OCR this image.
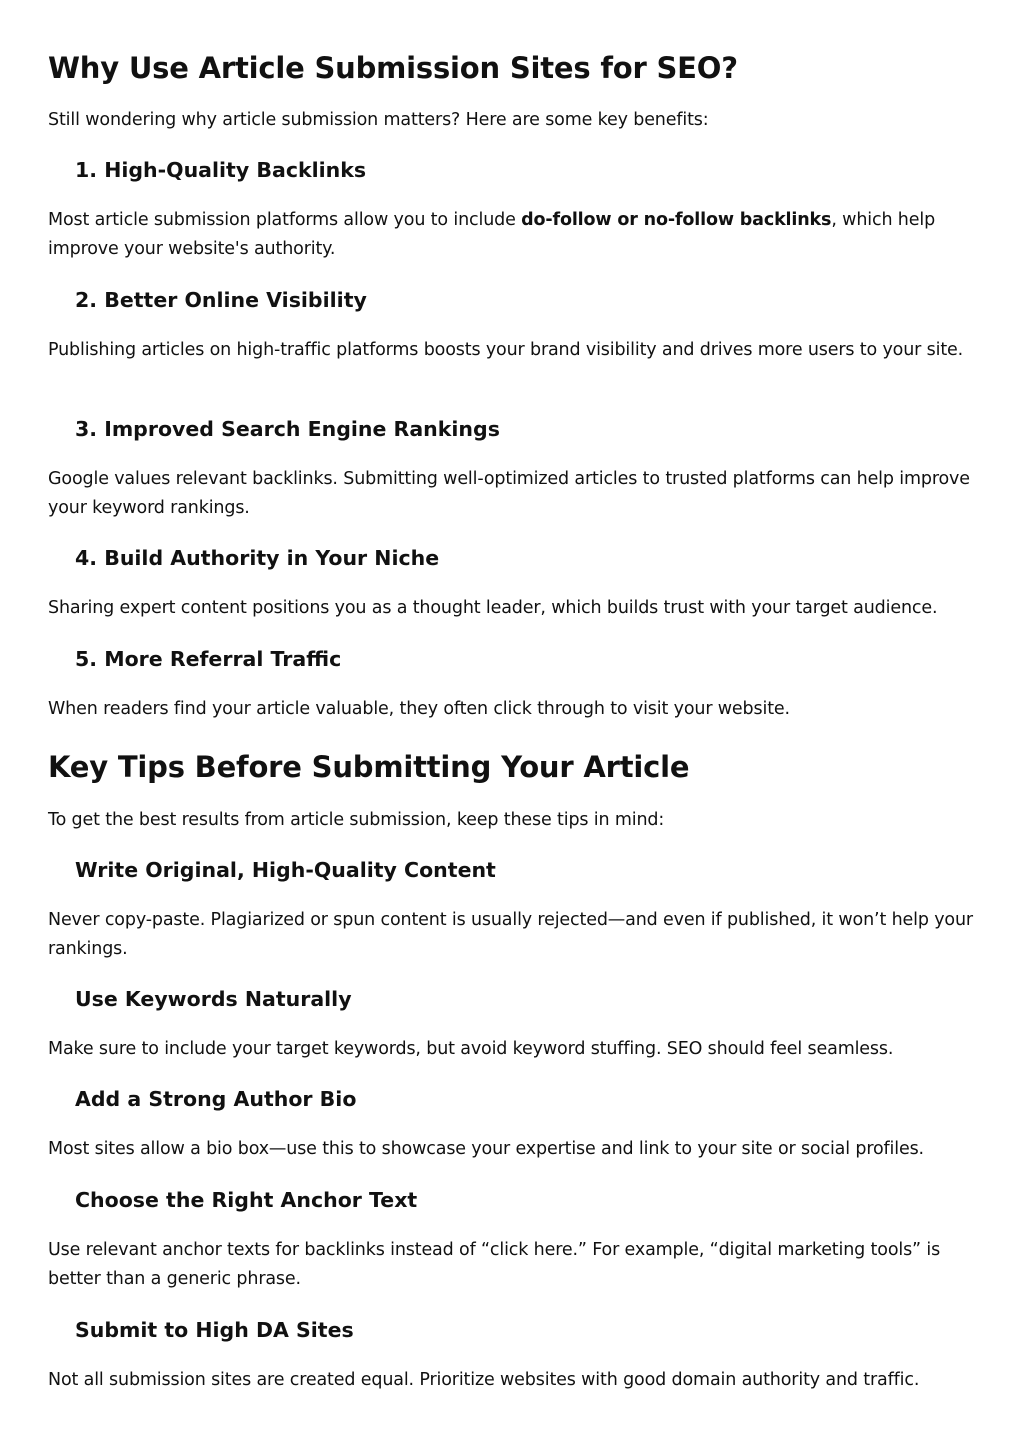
Why Use Article Submission Sites for SEO?

Still wondering why article submission matters? Here are some key benefits:

1. High-Quality Backlinks

Most article submission platforms allow you to include do-follow or no-follow backlinks, which help improve your website's authority.

2. Better Online Visibility

Publishing articles on high-traffic platforms boosts your brand visibility and drives more users to your site.

3. Improved Search Engine Rankings

Google values relevant backlinks. Submitting well-optimized articles to trusted platforms can help improve your keyword rankings.

4. Build Authority in Your Niche

Sharing expert content positions you as a thought leader, which builds trust with your target audience.

5. More Referral Traffic

When readers find your article valuable, they often click through to visit your website.

Key Tips Before Submitting Your Article

To get the best results from article submission, keep these tips in mind:

Write Original, High-Quality Content

Never copy-paste. Plagiarized or spun content is usually rejected—and even if published, it won’t help your rankings.

Use Keywords Naturally

Make sure to include your target keywords, but avoid keyword stuffing. SEO should feel seamless.

Add a Strong Author Bio

Most sites allow a bio box—use this to showcase your expertise and link to your site or social profiles.

Choose the Right Anchor Text

Use relevant anchor texts for backlinks instead of “click here.” For example, “digital marketing tools” is better than a generic phrase.

Submit to High DA Sites

Not all submission sites are created equal. Prioritize websites with good domain authority and traffic.
